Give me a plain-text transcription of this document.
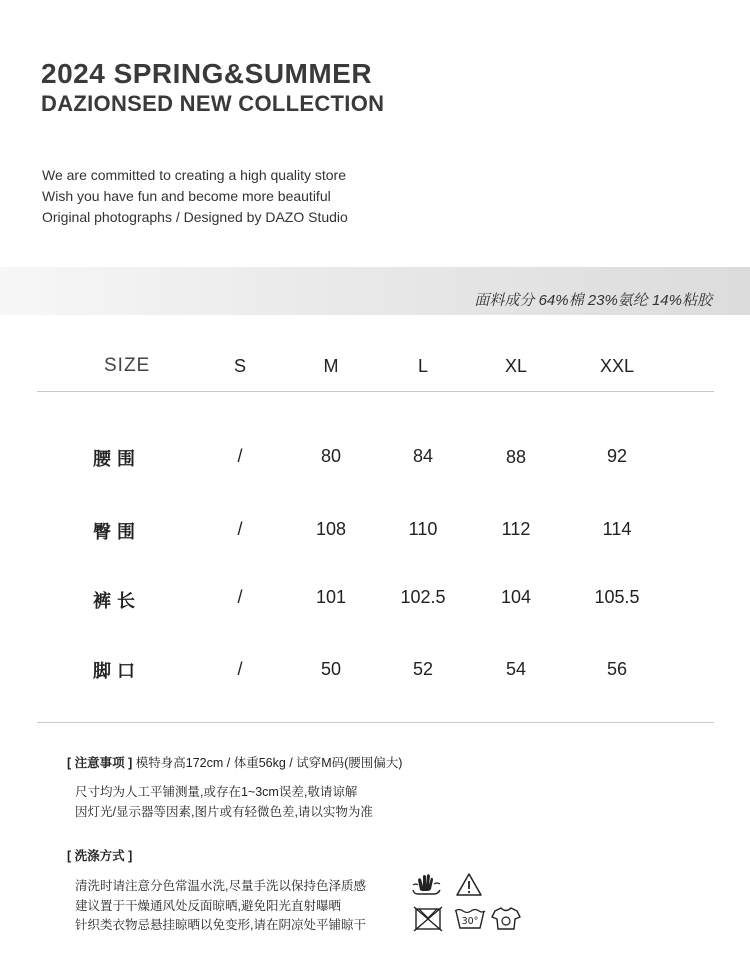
2024 SPRING&SUMMER
DAZIONSED NEW COLLECTION
We are committed to creating a high quality store
Wish you have fun and become more beautiful
Original photographs / Designed by DAZO Studio
面料成分 64%棉 23%氨纶 14%粘胶
SIZE	S	M	L	XL	XXL
腰围	/	80	84	88	92
臀围	/	108	110	112	114
裤长	/	101	102.5	104	105.5
脚口	/	50	52	54	56
[ 注意事项 ] 模特身高172cm / 体重56kg / 试穿M码(腰围偏大)
尺寸均为人工平铺测量,或存在1~3cm误差,敬请谅解
因灯光/显示器等因素,图片或有轻微色差,请以实物为准
[ 洗涤方式 ]
清洗时请注意分色常温水洗,尽量手洗以保持色泽质感
建议置于干燥通风处反面晾晒,避免阳光直射曝晒
针织类衣物忌悬挂晾晒以免变形,请在阴凉处平铺晾干	30°
